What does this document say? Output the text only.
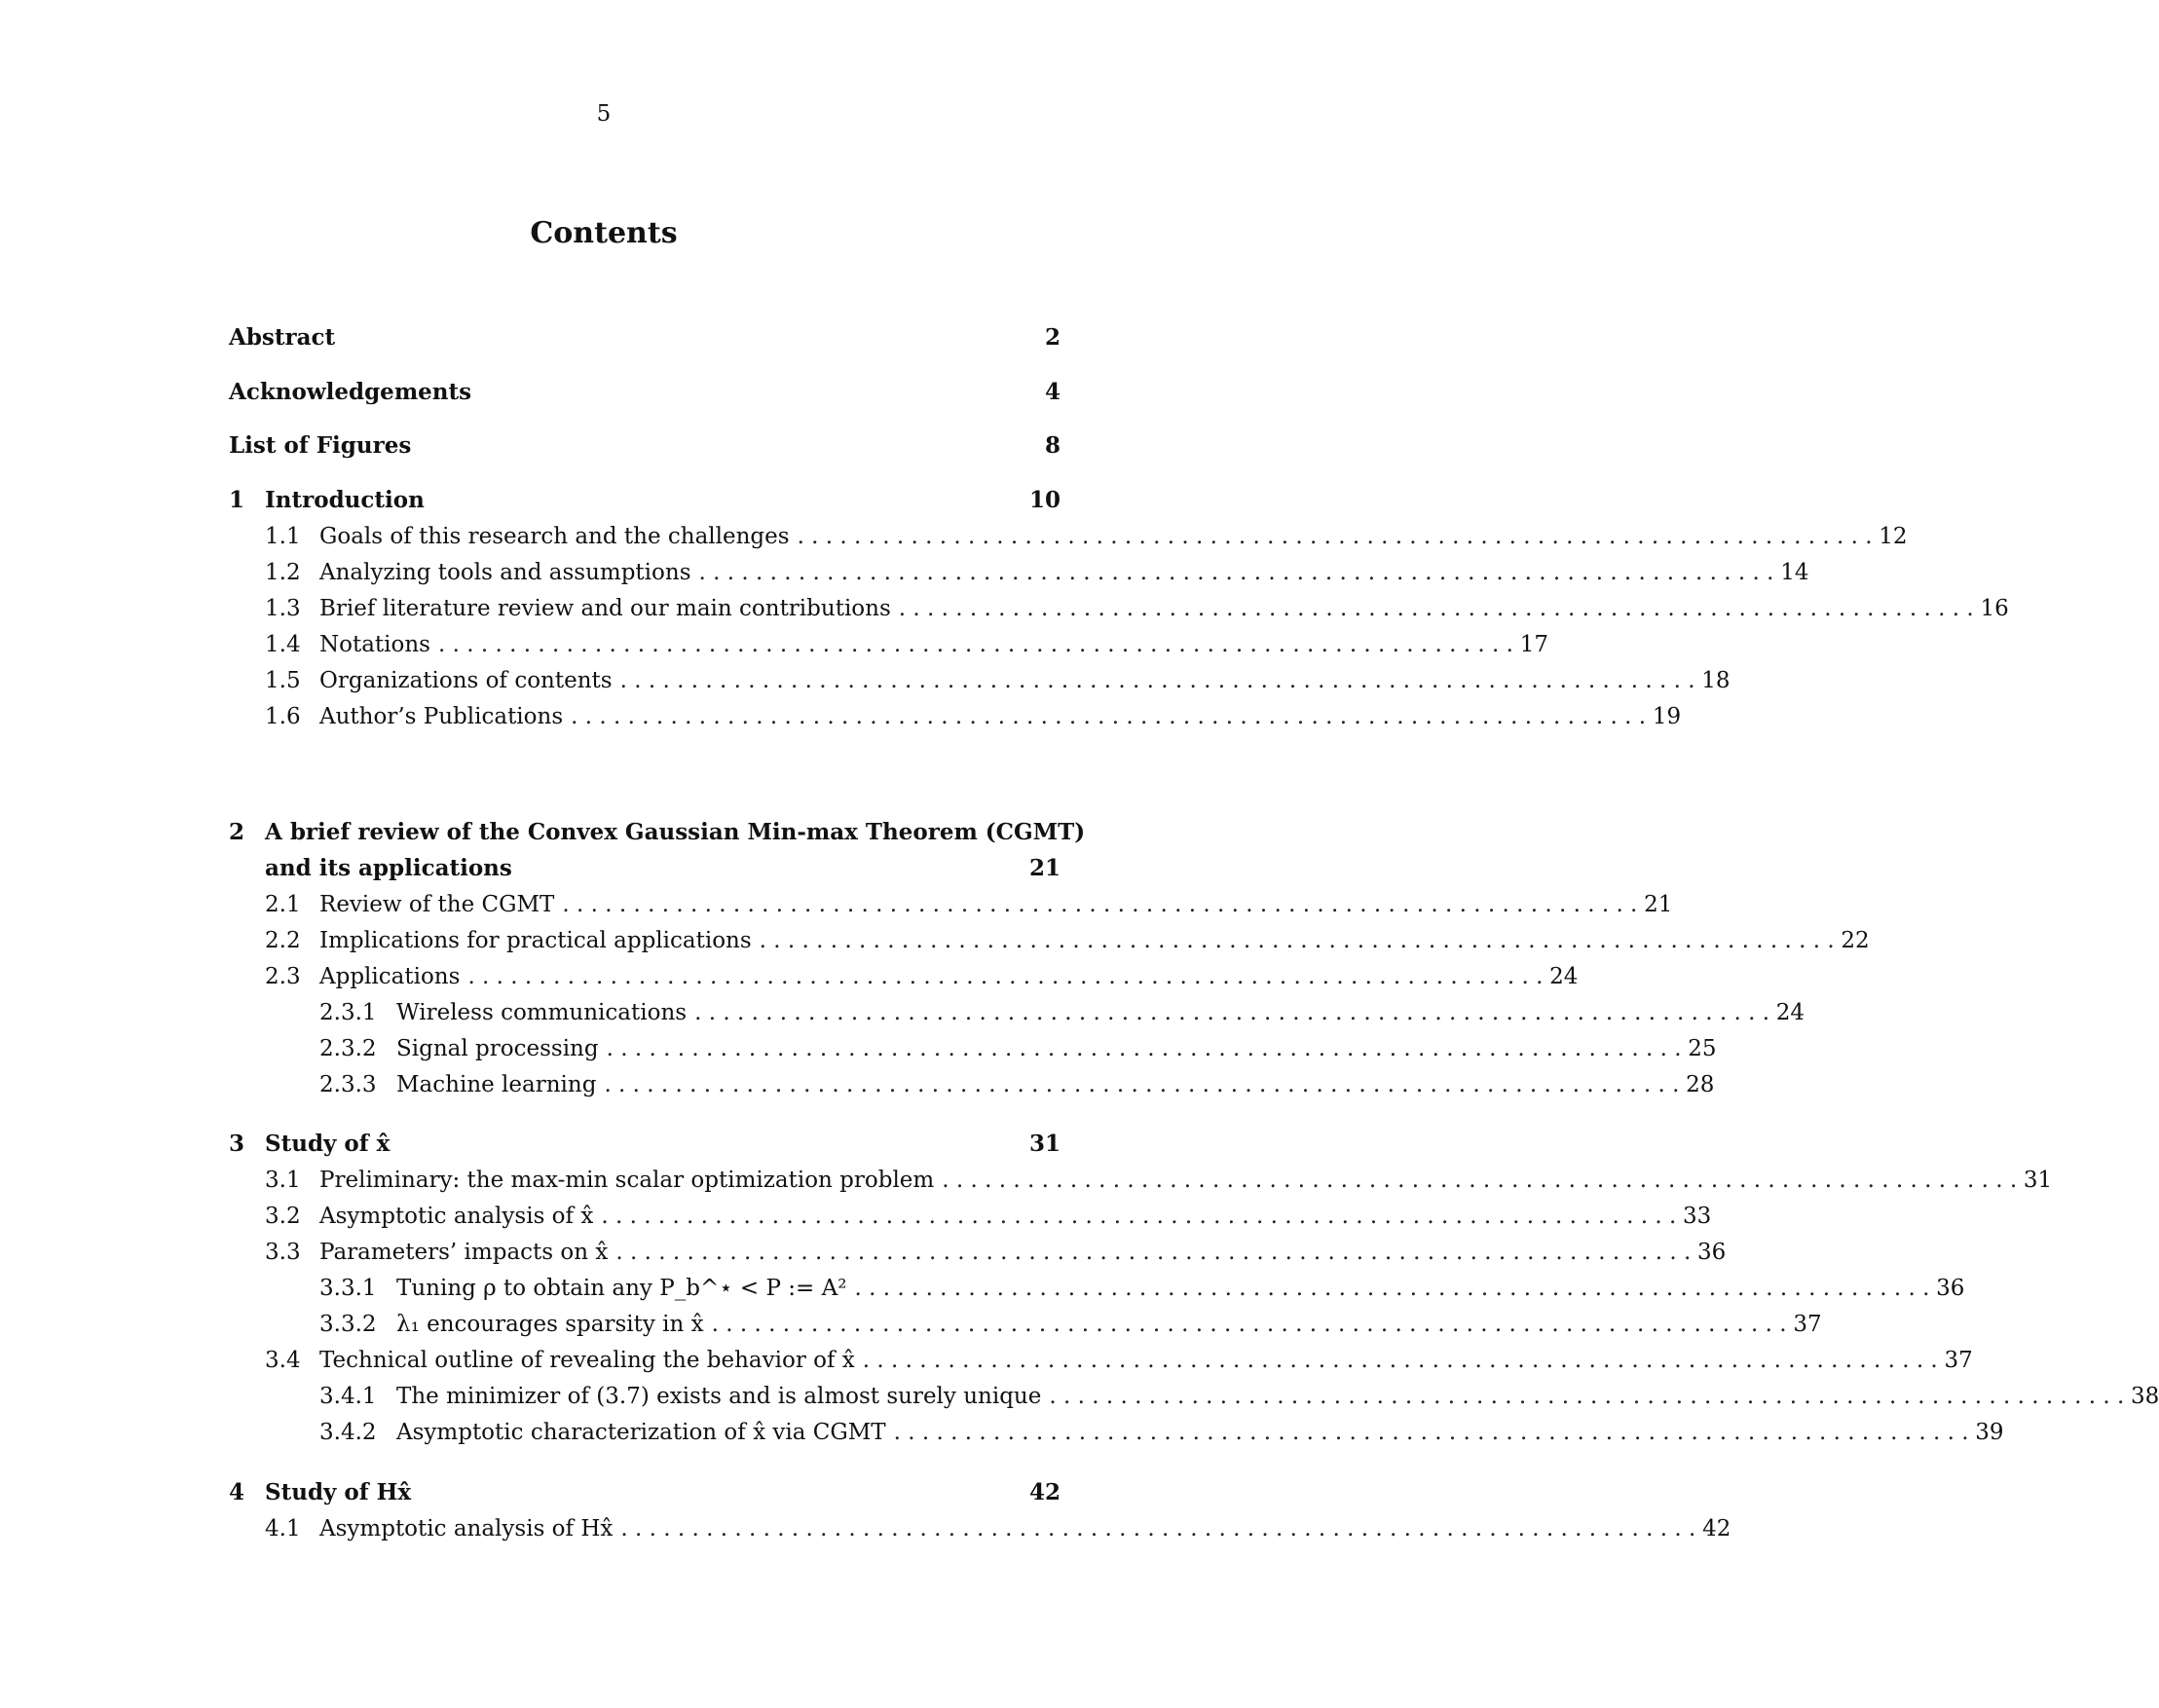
5
Contents
Abstract	2
Acknowledgements	4
List of Figures	8
1 Introduction	10
1.1 Goals of this research and the challenges . . .	12
1.2 Analyzing tools and assumptions . . .	14
1.3 Brief literature review and our main contributions . . .	16
1.4 Notations . . .	17
1.5 Organizations of contents . . .	18
1.6 Author’s Publications . . .	19
2 A brief review of the Convex Gaussian Min-max Theorem (CGMT)
and its applications	21
2.1 Review of the CGMT . . .	21
2.2 Implications for practical applications . . .	22
2.3 Applications . . .	24
2.3.1 Wireless communications . . .	24
2.3.2 Signal processing . . .	25
2.3.3 Machine learning . . .	28
3 Study of x̂	31
3.1 Preliminary: the max-min scalar optimization problem . . .	31
3.2 Asymptotic analysis of x̂ . . .	33
3.3 Parameters’ impacts on x̂ . . .	36
3.3.1 Tuning ρ to obtain any P_b^⋆ < P := A² . . .	36
3.3.2 λ₁ encourages sparsity in x̂ . . .	37
3.4 Technical outline of revealing the behavior of x̂ . . .	37
3.4.1 The minimizer of (3.7) exists and is almost surely unique . . .	38
3.4.2 Asymptotic characterization of x̂ via CGMT . . .	39
4 Study of Hx̂	42
4.1 Asymptotic analysis of Hx̂ . . .	42
